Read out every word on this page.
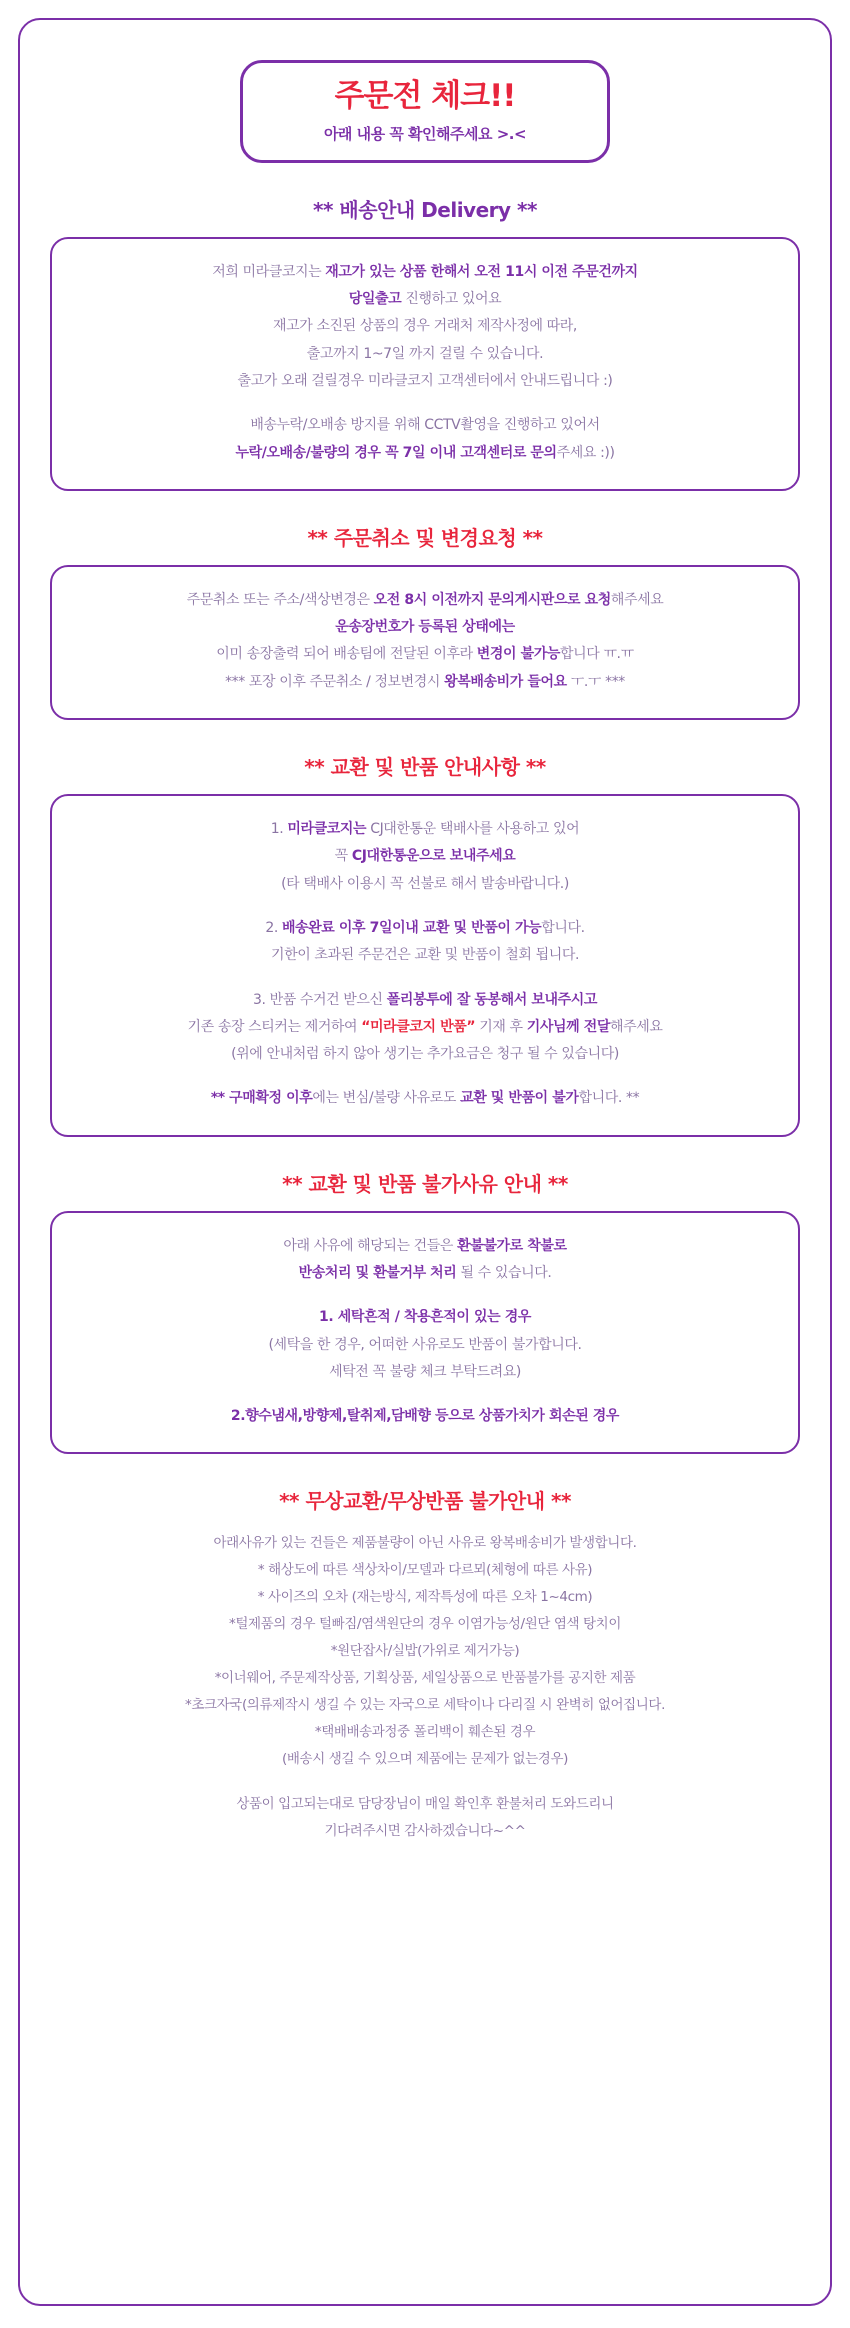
주문전 체크!!
아래 내용 꼭 확인해주세요 >.<
** 배송안내 Delivery **

저희 미라클코지는 재고가 있는 상품 한해서 오전 11시 이전 주문건까지

당일출고 진행하고 있어요

재고가 소진된 상품의 경우 거래처 제작사정에 따라,

출고까지 1~7일 까지 걸릴 수 있습니다.

출고가 오래 걸릴경우 미라클코지 고객센터에서 안내드립니다 :)

배송누락/오배송 방지를 위해 CCTV촬영을 진행하고 있어서

누락/오배송/불량의 경우 꼭 7일 이내 고객센터로 문의주세요 :))

** 주문취소 및 변경요청 **

주문취소 또는 주소/색상변경은 오전 8시 이전까지 문의게시판으로 요청해주세요

운송장번호가 등록된 상태에는

이미 송장출력 되어 배송팀에 전달된 이후라 변경이 불가능합니다 ㅠ.ㅠ

*** 포장 이후 주문취소 / 정보변경시 왕복배송비가 들어요 ㅜ.ㅜ ***

** 교환 및 반품 안내사항 **

1. 미라클코지는 CJ대한통운 택배사를 사용하고 있어

꼭 CJ대한통운으로 보내주세요

(타 택배사 이용시 꼭 선불로 해서 발송바랍니다.)

2. 배송완료 이후 7일이내 교환 및 반품이 가능합니다.

기한이 초과된 주문건은 교환 및 반품이 철회 됩니다.

3. 반품 수거건 받으신 폴리봉투에 잘 동봉해서 보내주시고

기존 송장 스티커는 제거하여 “미라클코지 반품” 기재 후 기사님께 전달해주세요

(위에 안내처럼 하지 않아 생기는 추가요금은 청구 될 수 있습니다)

** 구매확정 이후에는 변심/불량 사유로도 교환 및 반품이 불가합니다. **

** 교환 및 반품 불가사유 안내 **

아래 사유에 해당되는 건들은 환불불가로 착불로

반송처리 및 환불거부 처리 될 수 있습니다.

1. 세탁흔적 / 착용흔적이 있는 경우

(세탁을 한 경우, 어떠한 사유로도 반품이 불가합니다.

세탁전 꼭 불량 체크 부탁드려요)

2.향수냄새,방향제,탈취제,담배향 등으로 상품가치가 회손된 경우

** 무상교환/무상반품 불가안내 **

아래사유가 있는 건들은 제품불량이 아닌 사유로 왕복배송비가 발생합니다.

* 해상도에 따른 색상차이/모델과 다르뫼(체형에 따른 사유)

* 사이즈의 오차 (재는방식, 제작특성에 따른 오차 1~4cm)

*털제품의 경우 털빠짐/염색원단의 경우 이염가능성/원단 염색 탕치이

*원단잡사/실밥(가위로 제거가능)

*이너웨어, 주문제작상품, 기획상품, 세일상품으로 반품불가를 공지한 제품

*초크자국(의류제작시 생길 수 있는 자국으로 세탁이나 다리질 시 완벽히 없어집니다.

*택배배송과정중 폴리백이 훼손된 경우

(배송시 생길 수 있으며 제품에는 문제가 없는경우)

상품이 입고되는대로 담당장님이 매일 확인후 환불처리 도와드리니

기다려주시면 감사하겠습니다~^^
